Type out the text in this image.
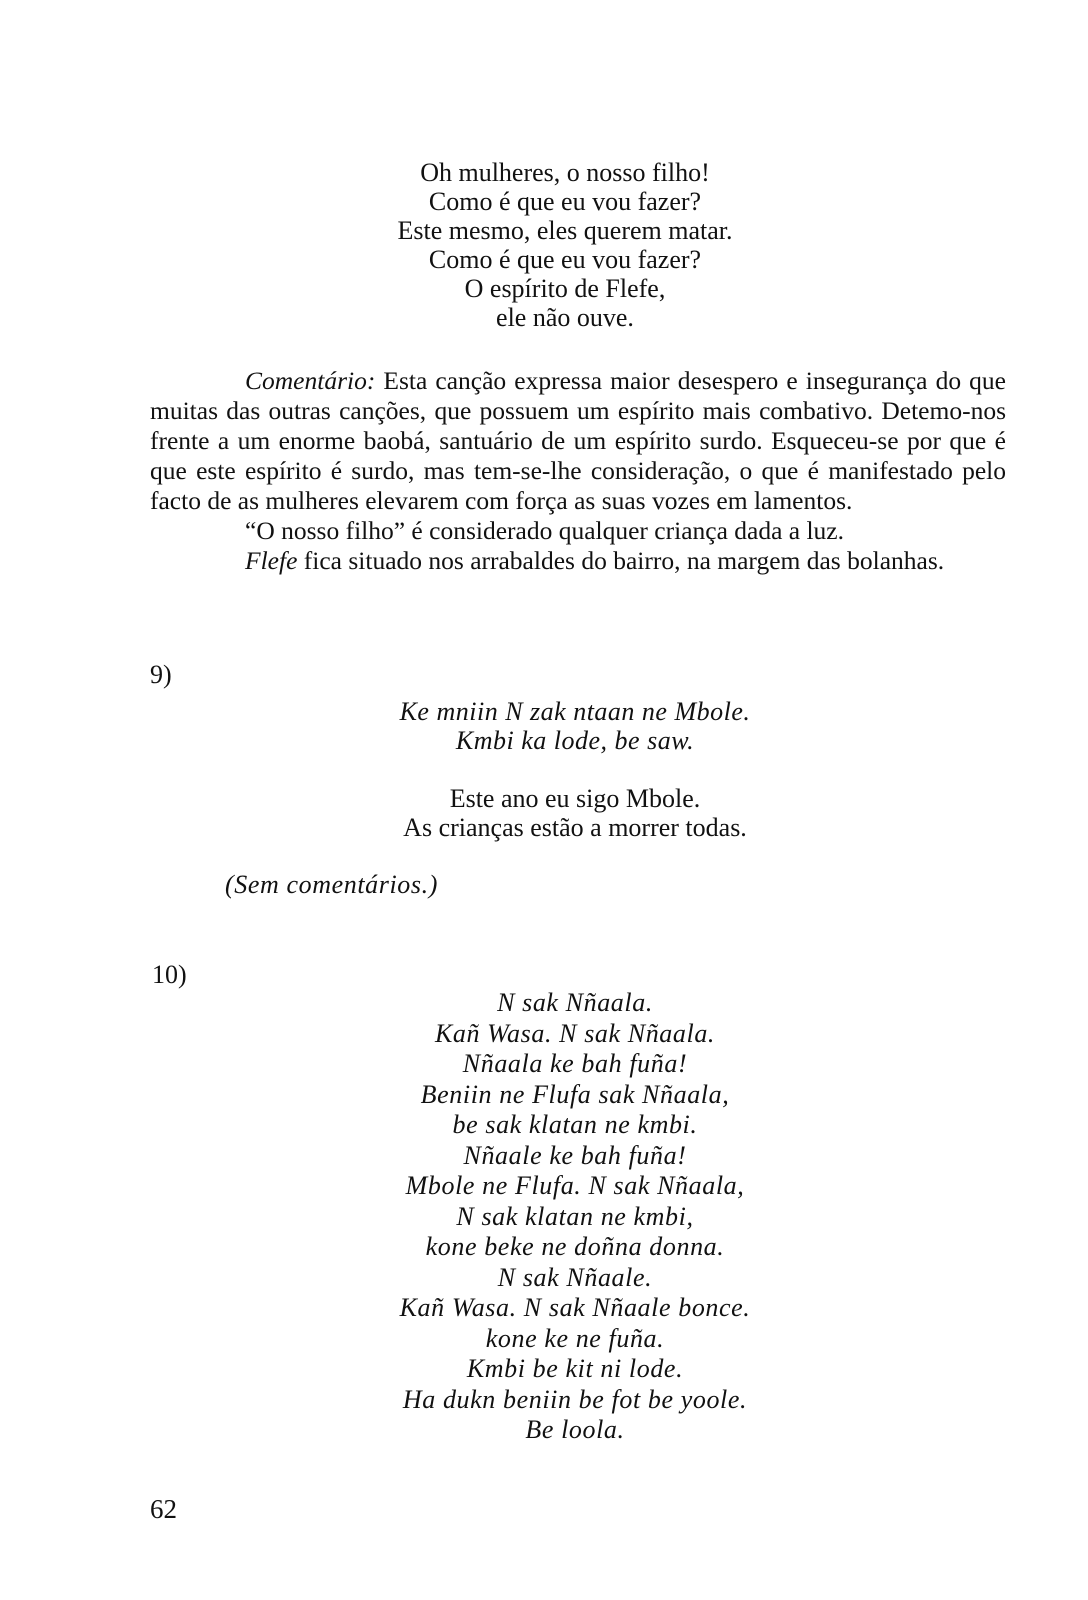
Oh mulheres, o nosso filho!
Como é que eu vou fazer?
Este mesmo, eles querem matar.
Como é que eu vou fazer?
O espírito de Flefe,
ele não ouve.

Comentário: Esta canção expressa maior desespero e insegurança do que muitas das outras canções, que possuem um espírito mais combativo. Detemo-nos frente a um enorme baobá, santuário de um espírito surdo. Esqueceu-se por que é que este espírito é surdo, mas tem-se-lhe consideração, o que é manifestado pelo facto de as mulheres elevarem com força as suas vozes em lamentos.

“O nosso filho” é considerado qualquer criança dada a luz.

Flefe fica situado nos arrabaldes do bairro, na margem das bolanhas.

9)
Ke mniin N zak ntaan ne Mbole.
Kmbi ka lode, be saw.
Este ano eu sigo Mbole.
As crianças estão a morrer todas.
(Sem comentários.)
10)
N sak Nñaala.
Kañ Wasa. N sak Nñaala.
Nñaala ke bah fuña!
Beniin ne Flufa sak Nñaala,
be sak klatan ne kmbi.
Nñaale ke bah fuña!
Mbole ne Flufa. N sak Nñaala,
N sak klatan ne kmbi,
kone beke ne doñna donna.
N sak Nñaale.
Kañ Wasa. N sak Nñaale bonce.
kone ke ne fuña.
Kmbi be kit ni lode.
Ha dukn beniin be fot be yoole.
Be loola.
62
